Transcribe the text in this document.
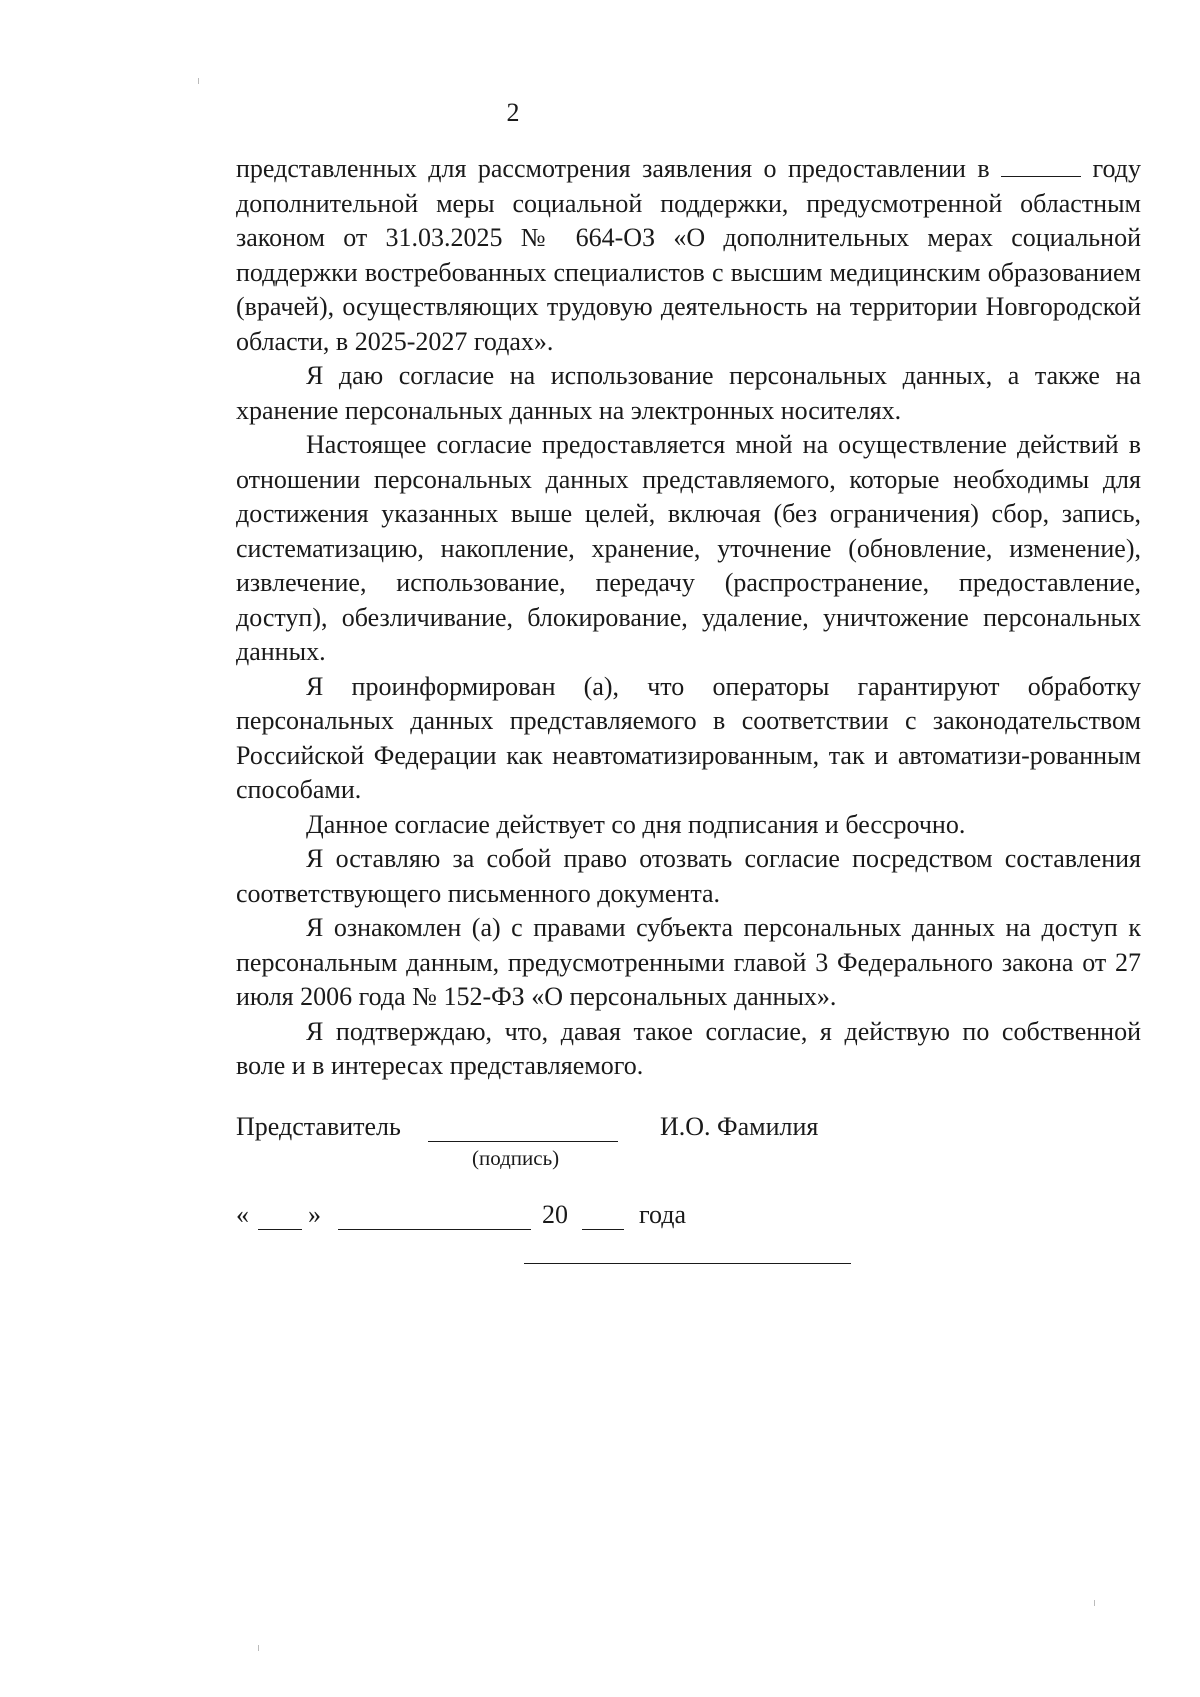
2

представленных для рассмотрения заявления о предоставлении в	году дополнительной меры социальной поддержки, предусмотренной областным законом от 31.03.2025 № 664-ОЗ «О дополнительных мерах социальной поддержки востребованных специалистов с высшим медицинским образованием (врачей), осуществляющих трудовую деятельность на территории Новгородской области, в 2025-2027 годах».

Я даю согласие на использование персональных данных, а также на хранение персональных данных на электронных носителях.

Настоящее согласие предоставляется мной на осуществление действий в отношении персональных данных представляемого, которые необходимы для достижения указанных выше целей, включая (без ограничения) сбор, запись, систематизацию, накопление, хранение, уточнение (обновление, изменение), извлечение, использование, передачу (распространение, предоставление, доступ), обезличивание, блокирование, удаление, уничтожение персональных данных.

Я проинформирован (а), что операторы гарантируют обработку персональных данных представляемого в соответствии с законодательством Российской Федерации как неавтоматизированным, так и автоматизи-рованным способами.

Данное согласие действует со дня подписания и бессрочно.

Я оставляю за собой право отозвать согласие посредством составления соответствующего письменного документа.

Я ознакомлен (а) с правами субъекта персональных данных на доступ к персональным данным, предусмотренными главой 3 Федерального закона от 27 июля 2006 года № 152-ФЗ «О персональных данных».

Я подтверждаю, что, давая такое согласие, я действую по собственной воле и в интересах представляемого.

Представитель
(подпись)
И.О. Фамилия
« »	20	года
